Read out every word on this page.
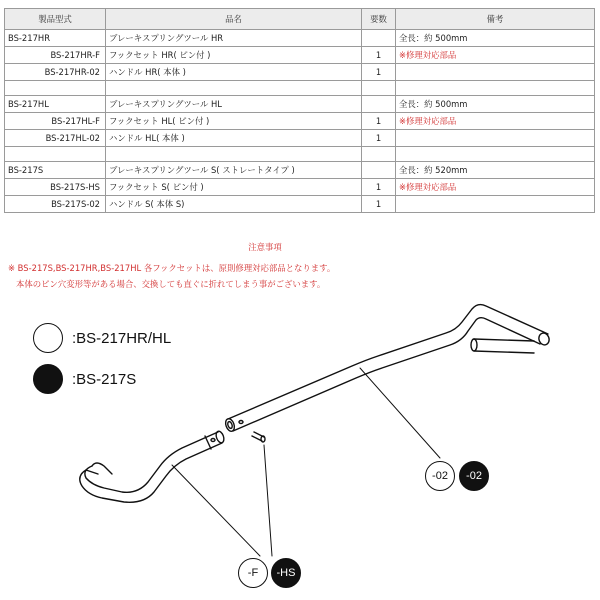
製品型式	品名	要数	備考
BS-217HR	ブレーキスプリングツール HR		全長：約 500mm
BS-217HR-F	フックセット HR( ピン付 )	1	※修理対応部品
BS-217HR-02	ハンドル HR( 本体 )	1	

BS-217HL	ブレーキスプリングツール HL		全長：約 500mm
BS-217HL-F	フックセット HL( ピン付 )	1	※修理対応部品
BS-217HL-02	ハンドル HL( 本体 )	1	

BS-217S	ブレーキスプリングツール S( ストレートタイプ )		全長：約 520mm
BS-217S-HS	フックセット S( ピン付 )	1	※修理対応部品
BS-217S-02	ハンドル S( 本体 S)	1	
注意事項
※ BS-217S,BS-217HR,BS-217HL 各フックセットは、原則修理対応部品となります。
本体のピン穴変形等がある場合、交換しても直ぐに折れてしまう事がございます。
:BS-217HR/HL
:BS-217S
-02	-02
-F	-HS
